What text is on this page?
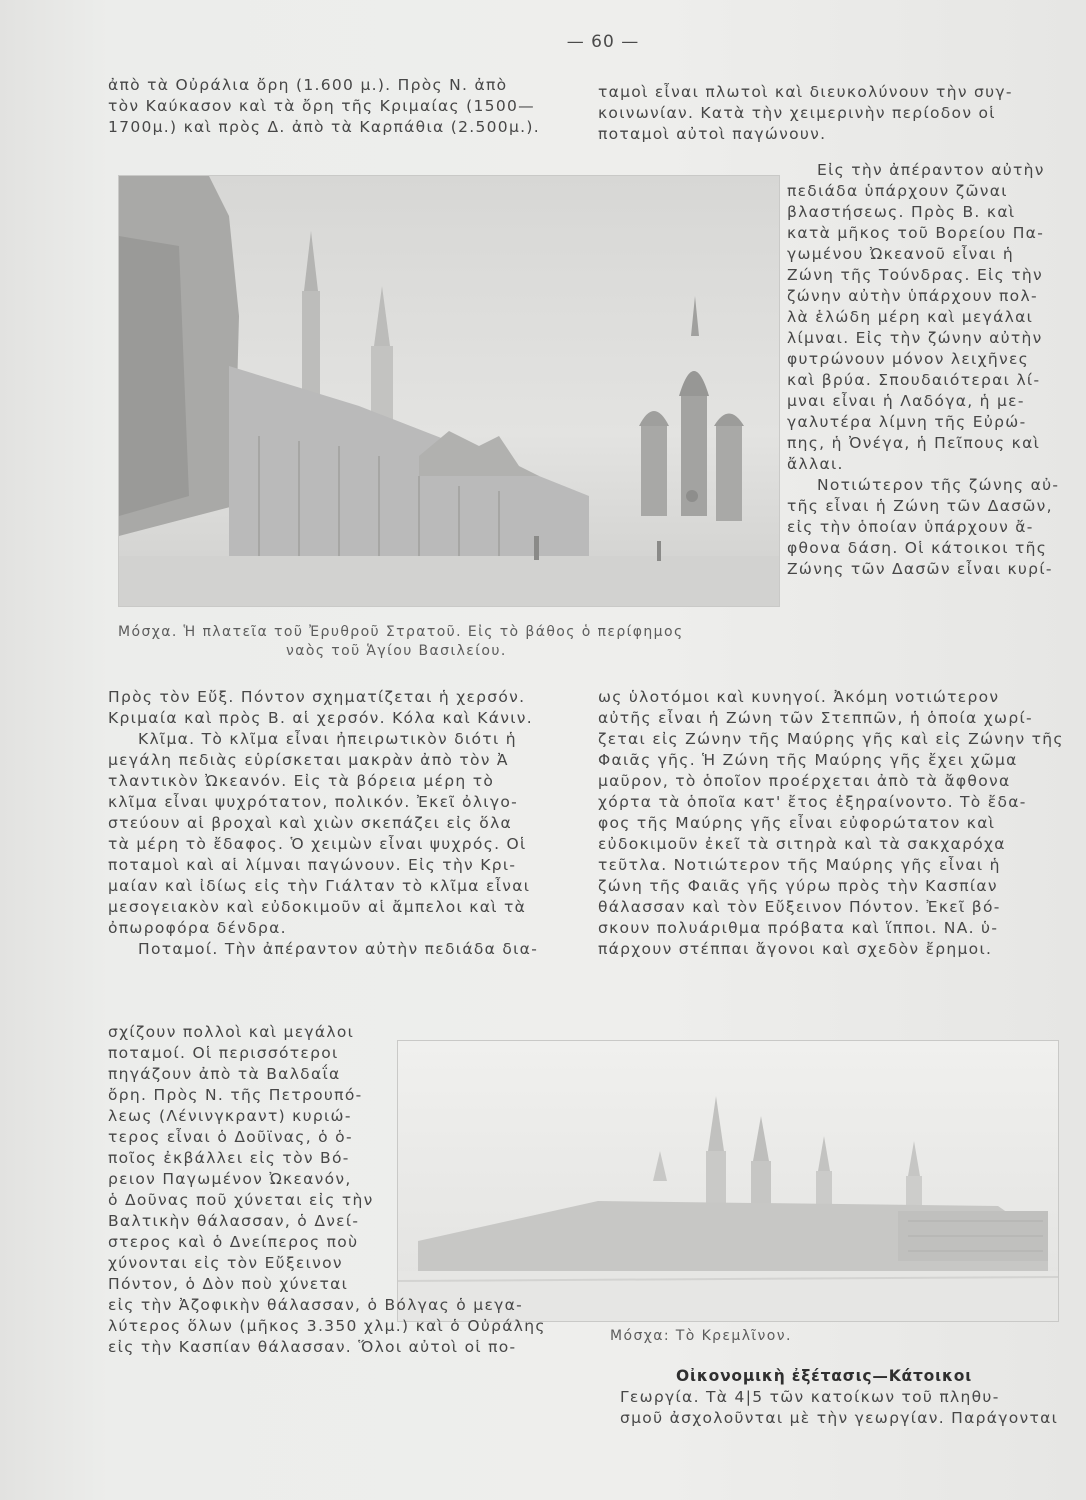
— 60 —

ἀπὸ τὰ Οὐράλια ὄρη (1.600 μ.). Πρὸς Ν. ἀπὸ

τὸν Καύκασον καὶ τὰ ὄρη τῆς Κριμαίας (1500—

1700μ.) καὶ πρὸς Δ. ἀπὸ τὰ Καρπάθια (2.500μ.).

ταμοὶ εἶναι πλωτοὶ καὶ διευκολύνουν τὴν συγ-

κοινωνίαν. Κατὰ τὴν χειμερινὴν περίοδον οἱ

ποταμοὶ αὐτοὶ παγώνουν.

Εἰς τὴν ἀπέραντον αὐτὴν

πεδιάδα ὑπάρχουν ζῶναι

βλαστήσεως. Πρὸς Β. καὶ

κατὰ μῆκος τοῦ Βορείου Πα-

γωμένου Ὠκεανοῦ εἶναι ἡ

Ζώνη τῆς Τούνδρας. Εἰς τὴν

ζώνην αὐτὴν ὑπάρχουν πολ-

λὰ ἑλώδη μέρη καὶ μεγάλαι

λίμναι. Εἰς τὴν ζώνην αὐτὴν

φυτρώνουν μόνον λειχῆνες

καὶ βρύα. Σπουδαιότεραι λί-

μναι εἶναι ἡ Λαδόγα, ἡ με-

γαλυτέρα λίμνη τῆς Εὐρώ-

πης, ἡ Ὀνέγα, ἡ Πεῖπους καὶ

ἄλλαι.

Νοτιώτερον τῆς ζώνης αὐ-

τῆς εἶναι ἡ Ζώνη τῶν Δασῶν,

εἰς τὴν ὁποίαν ὑπάρχουν ἄ-

φθονα δάση. Οἱ κάτοικοι τῆς

Ζώνης τῶν Δασῶν εἶναι κυρί-

Μόσχα. Ἡ πλατεῖα τοῦ Ἐρυθροῦ Στρατοῦ. Εἰς τὸ βάθος ὁ περίφημος
ναὸς τοῦ Ἁγίου Βασιλείου.

Πρὸς τὸν Εὔξ. Πόντον σχηματίζεται ἡ χερσόν.

Κριμαία καὶ πρὸς Β. αἱ χερσόν. Κόλα καὶ Κάνιν.

Κλῖμα. Τὸ κλῖμα εἶναι ἠπειρωτικὸν διότι ἡ

μεγάλη πεδιὰς εὑρίσκεται μακρὰν ἀπὸ τὸν Ἀ

τλαντικὸν Ὠκεανόν. Εἰς τὰ βόρεια μέρη τὸ

κλῖμα εἶναι ψυχρότατον, πολικόν. Ἐκεῖ ὀλιγο-

στεύουν αἱ βροχαὶ καὶ χιὼν σκεπάζει εἰς ὅλα

τὰ μέρη τὸ ἔδαφος. Ὁ χειμὼν εἶναι ψυχρός. Οἱ

ποταμοὶ καὶ αἱ λίμναι παγώνουν. Εἰς τὴν Κρι-

μαίαν καὶ ἰδίως εἰς τὴν Γιάλταν τὸ κλῖμα εἶναι

μεσογειακὸν καὶ εὐδοκιμοῦν αἱ ἄμπελοι καὶ τὰ

ὀπωροφόρα δένδρα.

Ποταμοί. Τὴν ἀπέραντον αὐτὴν πεδιάδα δια-

ως ὑλοτόμοι καὶ κυνηγοί. Ἀκόμη νοτιώτερον

αὐτῆς εἶναι ἡ Ζώνη τῶν Στεππῶν, ἡ ὁποία χωρί-

ζεται εἰς Ζώνην τῆς Μαύρης γῆς καὶ εἰς Ζώνην τῆς

Φαιᾶς γῆς. Ἡ Ζώνη τῆς Μαύρης γῆς ἔχει χῶμα

μαῦρον, τὸ ὁποῖον προέρχεται ἀπὸ τὰ ἄφθονα

χόρτα τὰ ὁποῖα κατ' ἔτος ἐξηραίνοντο. Τὸ ἔδα-

φος τῆς Μαύρης γῆς εἶναι εὐφορώτατον καὶ

εὐδοκιμοῦν ἐκεῖ τὰ σιτηρὰ καὶ τὰ σακχαρόχα

τεῦτλα. Νοτιώτερον τῆς Μαύρης γῆς εἶναι ἡ

ζώνη τῆς Φαιᾶς γῆς γύρω πρὸς τὴν Κασπίαν

θάλασσαν καὶ τὸν Εὔξεινον Πόντον. Ἐκεῖ βό-

σκουν πολυάριθμα πρόβατα καὶ ἵπποι. ΝΑ. ὑ-

πάρχουν στέππαι ἄγονοι καὶ σχεδὸν ἔρημοι.

σχίζουν πολλοὶ καὶ μεγάλοι

ποταμοί. Οἱ περισσότεροι

πηγάζουν ἀπὸ τὰ Βαλδαΐα

ὄρη. Πρὸς Ν. τῆς Πετρουπό-

λεως (Λένινγκραντ) κυριώ-

τερος εἶναι ὁ Δοῦϊνας, ὁ ὁ-

ποῖος ἐκβάλλει εἰς τὸν Βό-

ρειον Παγωμένον Ὠκεανόν,

ὁ Δοῦνας ποῦ χύνεται εἰς τὴν

Βαλτικὴν θάλασσαν, ὁ Δνεί-

στερος καὶ ὁ Δνείπερος ποὺ

χύνονται εἰς τὸν Εὔξεινον

Πόντον, ὁ Δὸν ποὺ χύνεται

εἰς τὴν Ἀζοφικὴν θάλασσαν, ὁ Βόλγας ὁ μεγα-

λύτερος ὅλων (μῆκος 3.350 χλμ.) καὶ ὁ Οὐράλης

εἰς τὴν Κασπίαν θάλασσαν. Ὅλοι αὐτοὶ οἱ πο-

Μόσχα: Τὸ Κρεμλῖνον.

Οἰκονομικὴ ἐξέτασις—Κάτοικοι

Γεωργία. Τὰ 4|5 τῶν κατοίκων τοῦ πληθυ-

σμοῦ ἀσχολοῦνται μὲ τὴν γεωργίαν. Παράγονται
